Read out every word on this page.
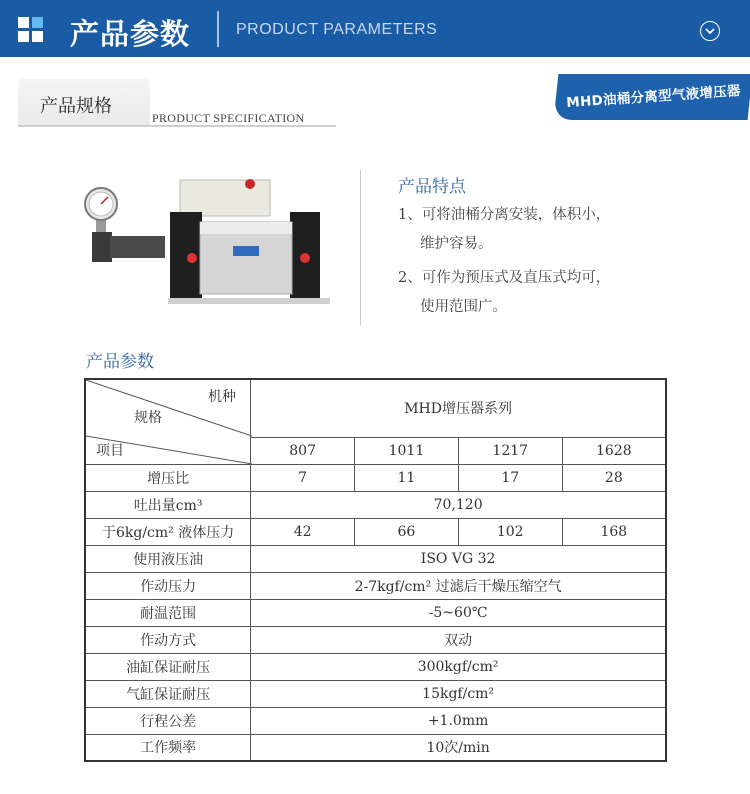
产品参数	PRODUCT PARAMETERS
产品规格
PRODUCT SPECIFICATION
MHD油桶分离型气液增压器
产品特点
1、可将油桶分离安装，体积小，
维护容易。
2、可作为预压式及直压式均可，
使用范围广。
产品参数
机种
规格
项目	MHD增压器系列			
	807	1011	1217	1628
增压比	7	11	17	28
吐出量cm³	70,120			
于6kg/cm² 液体压力	42	66	102	168
使用液压油	ISO VG 32			
作动压力	2-7kgf/cm² 过滤后干燥压缩空气			
耐温范围	-5~60℃			
作动方式	双动			
油缸保证耐压	300kgf/cm²			
气缸保证耐压	15kgf/cm²			
行程公差	+1.0mm			
工作频率	10次/min			
